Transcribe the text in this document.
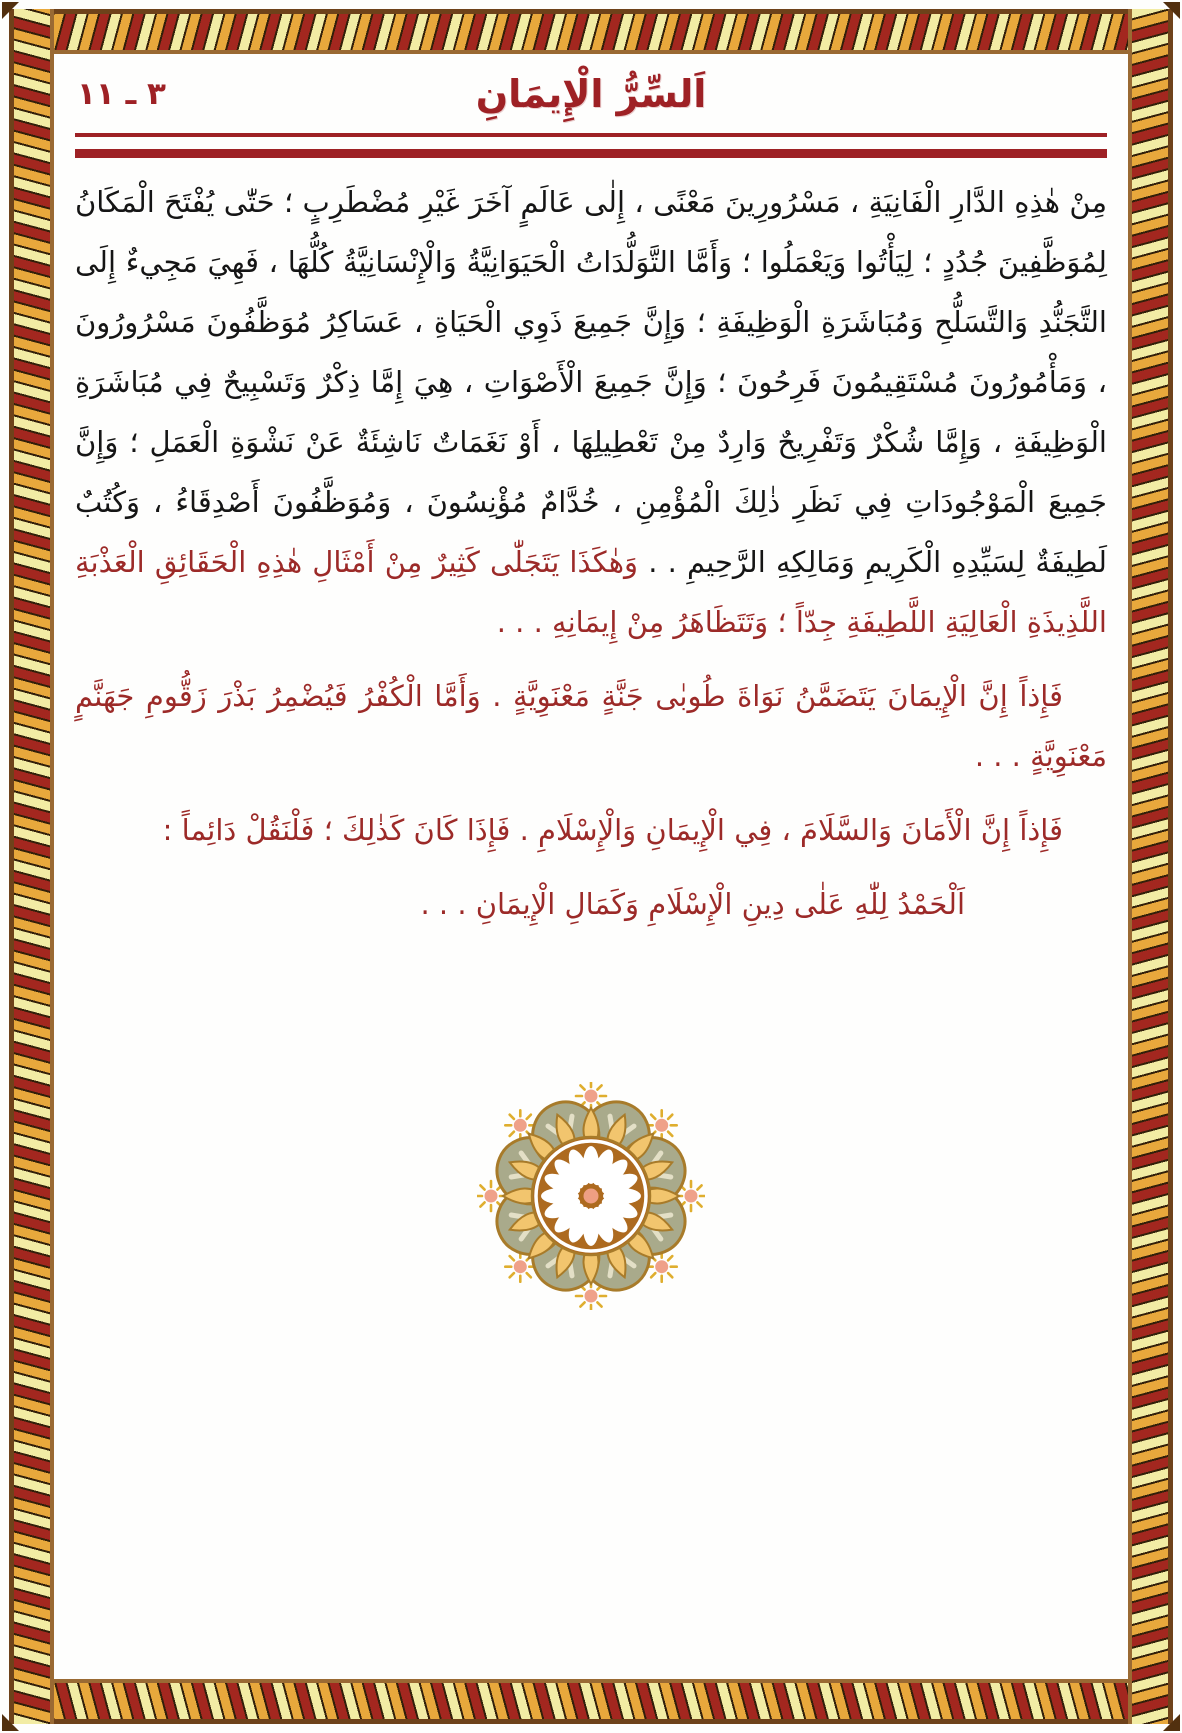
٣ ـ ١١	اَلسِّرُّ الْإِيمَانِ

مِنْ هٰذِهِ الدَّارِ الْفَانِيَةِ ، مَسْرُورِينَ مَعْنًى ، إِلٰى عَالَمٍ آخَرَ غَيْرِ مُضْطَرِبٍ ؛ حَتّٰى يُفْتَحَ الْمَكَانُ لِمُوَظَّفِينَ جُدُدٍ ؛ لِيَأْتُوا وَيَعْمَلُوا ؛ وَأَمَّا التَّوَلُّدَاتُ الْحَيَوَانِيَّةُ وَالْإِنْسَانِيَّةُ كُلُّهَا ، فَهِيَ مَجِيءٌ إِلَى التَّجَنُّدِ وَالتَّسَلُّحِ وَمُبَاشَرَةِ الْوَظِيفَةِ ؛ وَإِنَّ جَمِيعَ ذَوِي الْحَيَاةِ ، عَسَاكِرُ مُوَظَّفُونَ مَسْرُورُونَ ، وَمَأْمُورُونَ مُسْتَقِيمُونَ فَرِحُونَ ؛ وَإِنَّ جَمِيعَ الْأَصْوَاتِ ، هِيَ إِمَّا ذِكْرٌ وَتَسْبِيحٌ فِي مُبَاشَرَةِ الْوَظِيفَةِ ، وَإِمَّا شُكْرٌ وَتَفْرِيحٌ وَارِدٌ مِنْ تَعْطِيلِهَا ، أَوْ نَغَمَاتٌ نَاشِئَةٌ عَنْ نَشْوَةِ الْعَمَلِ ؛ وَإِنَّ جَمِيعَ الْمَوْجُودَاتِ فِي نَظَرِ ذٰلِكَ الْمُؤْمِنِ ، خُدَّامٌ مُؤْنِسُونَ ، وَمُوَظَّفُونَ أَصْدِقَاءُ ، وَكُتُبٌ لَطِيفَةٌ لِسَيِّدِهِ الْكَرِيمِ وَمَالِكِهِ الرَّحِيمِ . . وَهٰكَذَا يَتَجَلّٰى كَثِيرٌ مِنْ أَمْثَالِ هٰذِهِ الْحَقَائِقِ الْعَذْبَةِ اللَّذِيذَةِ الْعَالِيَةِ اللَّطِيفَةِ جِدّاً ؛ وَتَتَظَاهَرُ مِنْ إِيمَانِهِ . . .

فَإِذاً إِنَّ الْإِيمَانَ يَتَضَمَّنُ نَوَاةَ طُوبٰى جَنَّةٍ مَعْنَوِيَّةٍ . وَأَمَّا الْكُفْرُ فَيُضْمِرُ بَذْرَ زَقُّومِ جَهَنَّمٍ مَعْنَوِيَّةٍ . . .

فَإِذاً إِنَّ الْأَمَانَ وَالسَّلَامَ ، فِي الْإِيمَانِ وَالْإِسْلَامِ . فَإِذَا كَانَ كَذٰلِكَ ؛ فَلْنَقُلْ دَائِماً :

اَلْحَمْدُ لِلّٰهِ عَلٰى دِينِ الْإِسْلَامِ وَكَمَالِ الْإِيمَانِ . . .
